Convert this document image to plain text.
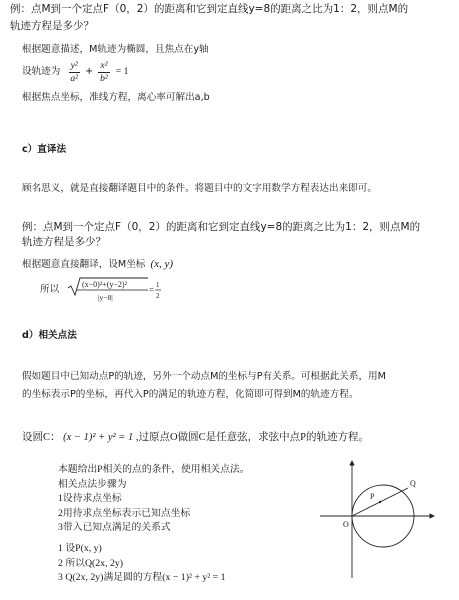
例：点M到一个定点F（0，2）的距离和它到定直线y=8的距离之比为1：2，则点M的
轨迹方程是多少？
根据题意描述，M轨迹为椭圆，且焦点在y轴
设轨迹为 $\frac{\text{y²}}{\text{a²}} + \frac{\text{x²}}{\text{b²}} = 1$
根据焦点坐标，准线方程，离心率可解出a,b
c）直译法
顾名思义，就是直接翻译题目中的条件。将题目中的文字用数学方程表达出来即可。
例：点M到一个定点F（0，2）的距离和它到定直线y=8的距离之比为1：2，则点M的
轨迹方程是多少？
根据题意直接翻译，设M坐标 (x, y)
所以	(x−0)²+(y−2)²
|y−8|
= 1
2
d）相关点法
假如题目中已知动点P的轨迹，另外一个动点M的坐标与P有关系。可根据此关系，用M
的坐标表示P的坐标，再代入P的满足的轨迹方程，化简即可得到M的轨迹方程。
设圆C： (x − 1)² + y² = 1 ,过原点O做圆C是任意弦，求弦中点P的轨迹方程。
本题给出P相关的点的条件，使用相关点法。
相关点法步骤为
1设待求点坐标
2用待求点坐标表示已知点坐标
3带入已知点满足的关系式
1 设P(x, y)
2 所以Q(2x, 2y)
3 Q(2x, 2y)满足圆的方程(x − 1)² + y² = 1
P
Q
O
